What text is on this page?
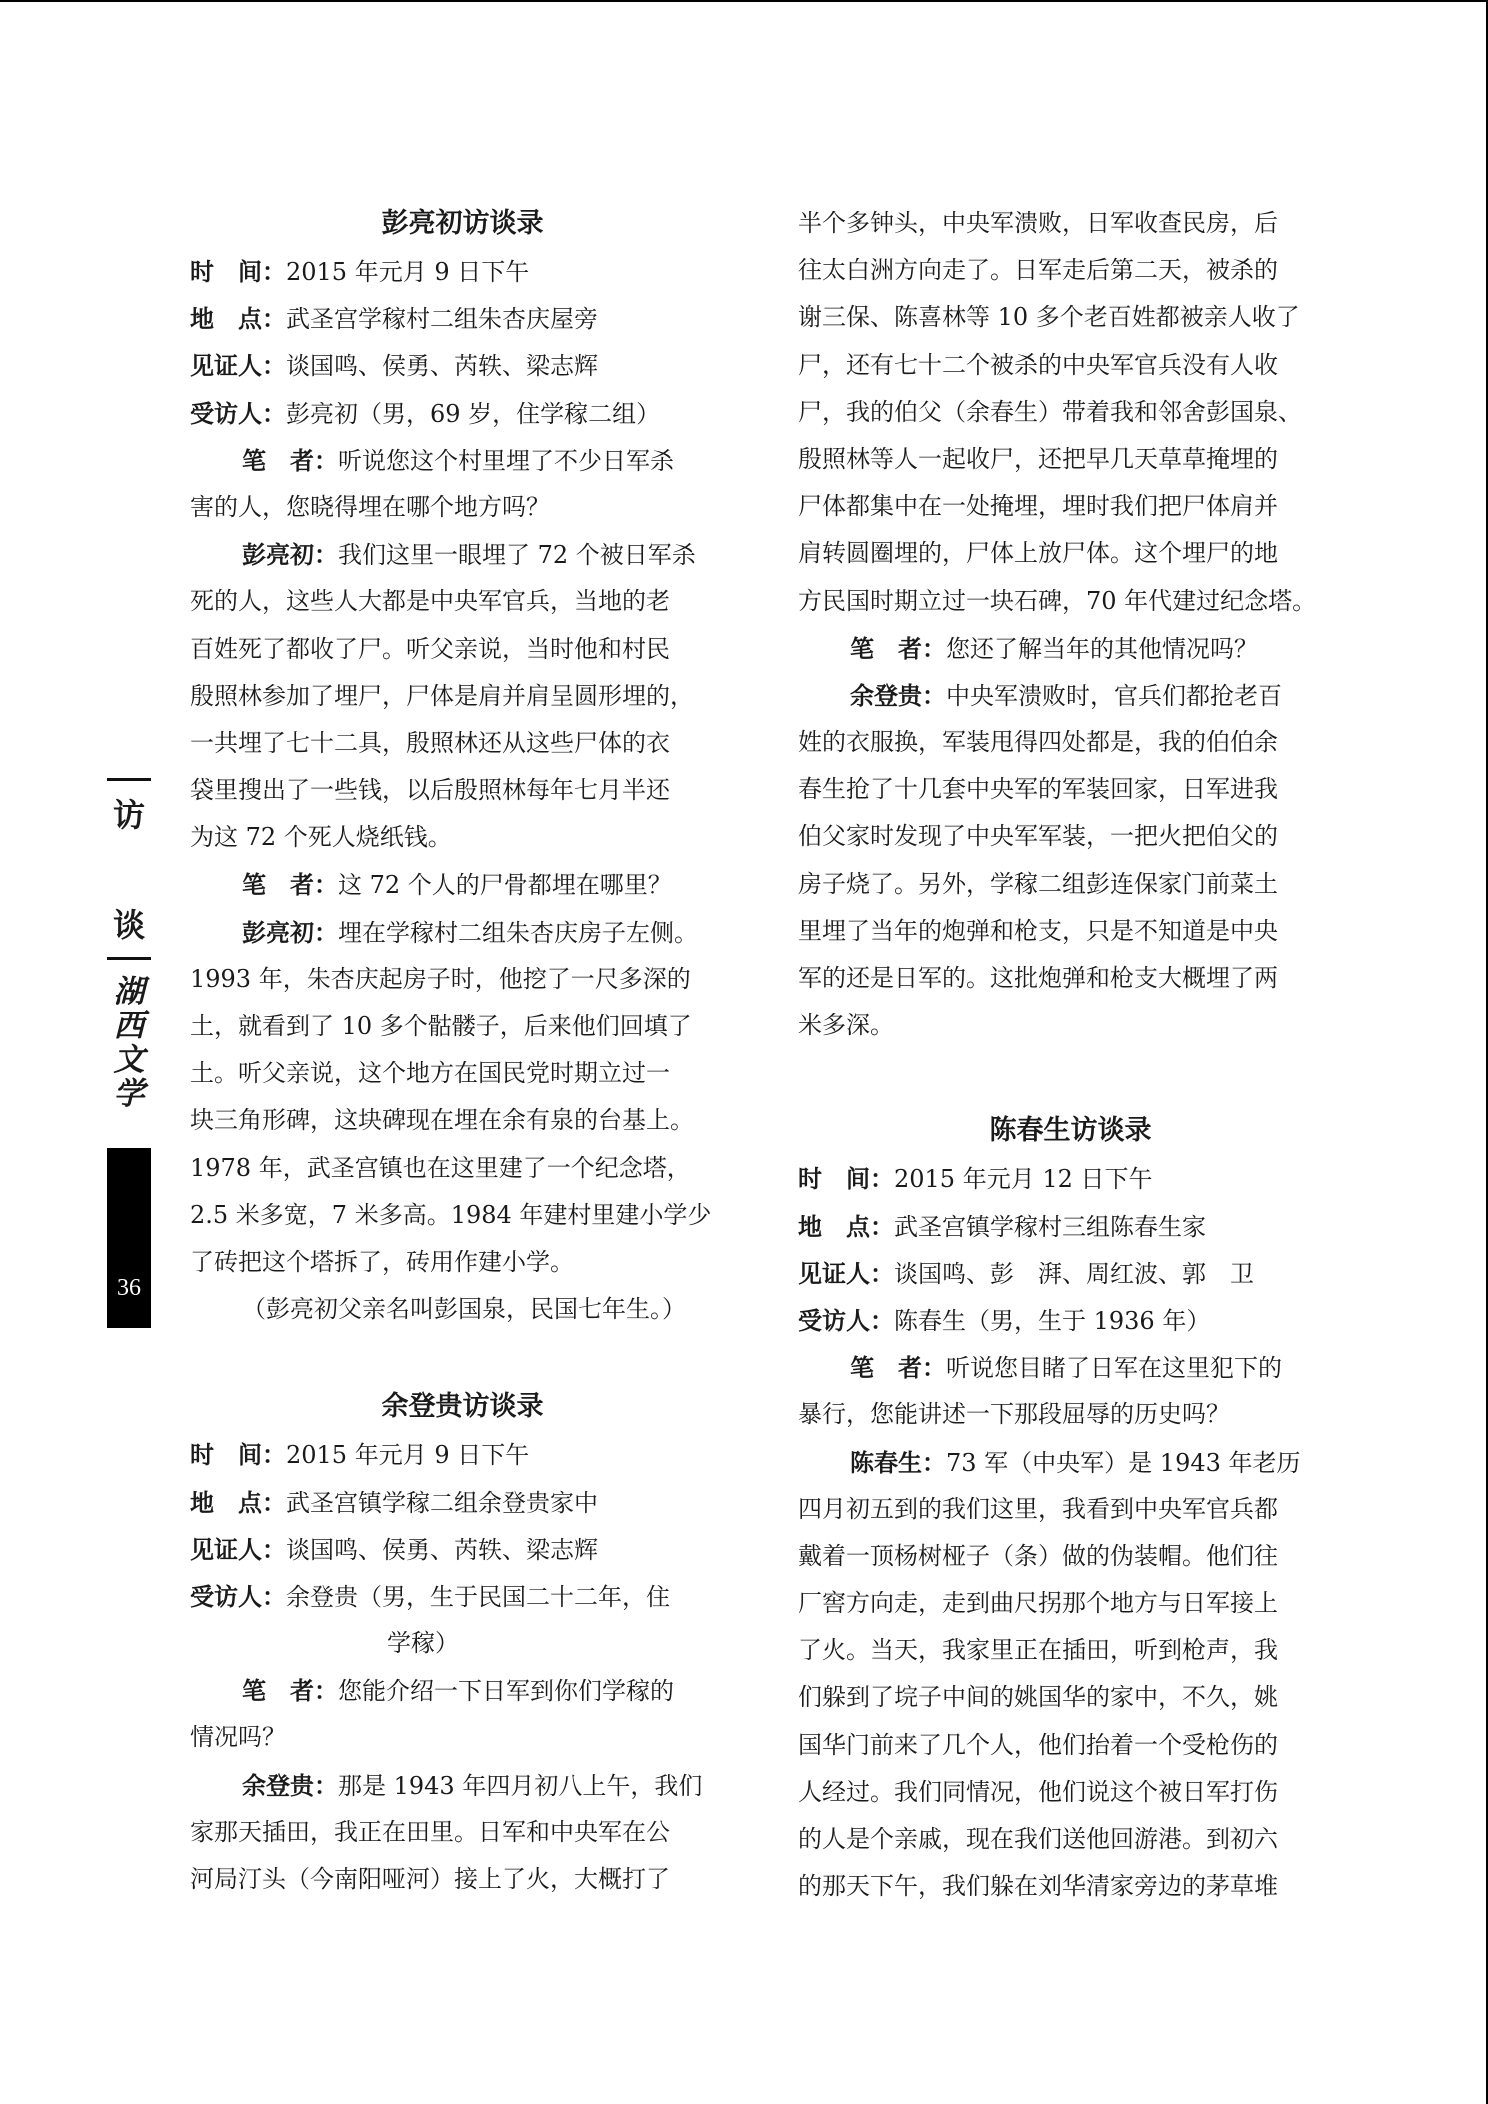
访
谈
湖
西
文
学
36
彭亮初访谈录
时　间：2015 年元月 9 日下午
地　点：武圣宫学稼村二组朱杏庆屋旁
见证人：谈国鸣、侯勇、芮轶、梁志辉
受访人：彭亮初（男，69 岁，住学稼二组）
笔　者：听说您这个村里埋了不少日军杀
害的人，您晓得埋在哪个地方吗？
彭亮初：我们这里一眼埋了 72 个被日军杀
死的人，这些人大都是中央军官兵，当地的老
百姓死了都收了尸。听父亲说，当时他和村民
殷照林参加了埋尸，尸体是肩并肩呈圆形埋的，
一共埋了七十二具，殷照林还从这些尸体的衣
袋里搜出了一些钱，以后殷照林每年七月半还
为这 72 个死人烧纸钱。
笔　者：这 72 个人的尸骨都埋在哪里？
彭亮初：埋在学稼村二组朱杏庆房子左侧。
1993 年，朱杏庆起房子时，他挖了一尺多深的
土，就看到了 10 多个骷髅子，后来他们回填了
土。听父亲说，这个地方在国民党时期立过一
块三角形碑，这块碑现在埋在余有泉的台基上。
1978 年，武圣宫镇也在这里建了一个纪念塔，
2.5 米多宽，7 米多高。1984 年建村里建小学少
了砖把这个塔拆了，砖用作建小学。
（彭亮初父亲名叫彭国泉，民国七年生。）
余登贵访谈录
时　间：2015 年元月 9 日下午
地　点：武圣宫镇学稼二组余登贵家中
见证人：谈国鸣、侯勇、芮轶、梁志辉
受访人：余登贵（男，生于民国二十二年，住
学稼）
笔　者：您能介绍一下日军到你们学稼的
情况吗？
余登贵：那是 1943 年四月初八上午，我们
家那天插田，我正在田里。日军和中央军在公
河局汀头（今南阳哑河）接上了火，大概打了
半个多钟头，中央军溃败，日军收查民房，后
往太白洲方向走了。日军走后第二天，被杀的
谢三保、陈喜林等 10 多个老百姓都被亲人收了
尸，还有七十二个被杀的中央军官兵没有人收
尸，我的伯父（余春生）带着我和邻舍彭国泉、
殷照林等人一起收尸，还把早几天草草掩埋的
尸体都集中在一处掩埋，埋时我们把尸体肩并
肩转圆圈埋的，尸体上放尸体。这个埋尸的地
方民国时期立过一块石碑，70 年代建过纪念塔。
笔　者：您还了解当年的其他情况吗？
余登贵：中央军溃败时，官兵们都抢老百
姓的衣服换，军装甩得四处都是，我的伯伯余
春生抢了十几套中央军的军装回家，日军进我
伯父家时发现了中央军军装，一把火把伯父的
房子烧了。另外，学稼二组彭连保家门前菜土
里埋了当年的炮弹和枪支，只是不知道是中央
军的还是日军的。这批炮弹和枪支大概埋了两
米多深。
陈春生访谈录
时　间：2015 年元月 12 日下午
地　点：武圣宫镇学稼村三组陈春生家
见证人：谈国鸣、彭　湃、周红波、郭　卫
受访人：陈春生（男，生于 1936 年）
笔　者：听说您目睹了日军在这里犯下的
暴行，您能讲述一下那段屈辱的历史吗？
陈春生：73 军（中央军）是 1943 年老历
四月初五到的我们这里，我看到中央军官兵都
戴着一顶杨树桠子（条）做的伪装帽。他们往
厂窖方向走，走到曲尺拐那个地方与日军接上
了火。当天，我家里正在插田，听到枪声，我
们躲到了垸子中间的姚国华的家中，不久，姚
国华门前来了几个人，他们抬着一个受枪伤的
人经过。我们同情况，他们说这个被日军打伤
的人是个亲戚，现在我们送他回游港。到初六
的那天下午，我们躲在刘华清家旁边的茅草堆
